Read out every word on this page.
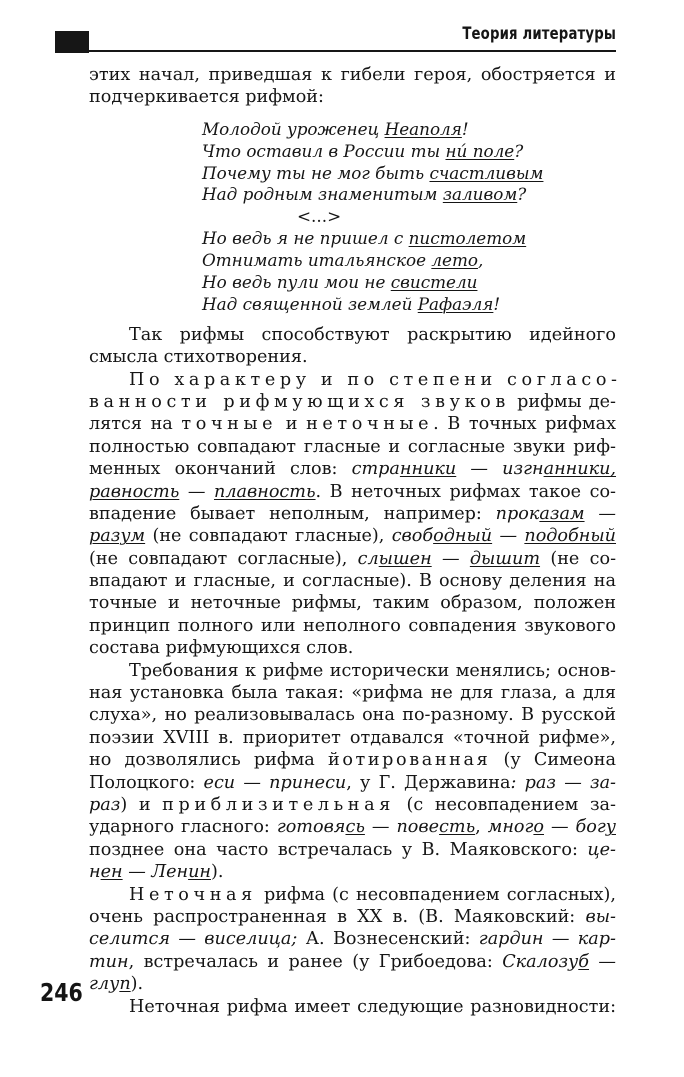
Теория литературы
этих начал, приведшая к гибели героя, обостряется и
подчеркивается рифмой:
Молодой уроженец Неаполя!
Что оставил в России ты ни́ поле?
Почему ты не мог быть счастливым
Над родным знаменитым заливом?
<...>
Но ведь я не пришел с пистолетом
Отнимать итальянское лето,
Но ведь пули мои не свистели
Над священной землей Рафаэля!
Так рифмы способствуют раскрытию идейного
смысла стихотворения.
По характеру и по степени согласо-
ванности рифмующихся звуков рифмы де-
лятся на точные и неточные. В точных рифмах
полностью совпадают гласные и согласные звуки риф-
менных окончаний слов: странники — изгнанники,
равность — плавность. В неточных рифмах такое со-
впадение бывает неполным, например: проказам —
разум (не совпадают гласные), свободный — подобный
(не совпадают согласные), слышен — дышит (не со-
впадают и гласные, и согласные). В основу деления на
точные и неточные рифмы, таким образом, положен
принцип полного или неполного совпадения звукового
состава рифмующихся слов.
Требования к рифме исторически менялись; основ-
ная установка была такая: «рифма не для глаза, а для
слуха», но реализовывалась она по-разному. В русской
поэзии XVIII в. приоритет отдавался «точной рифме»,
но дозволялись рифма йотированная (у Симеона
Полоцкого: еси — принеси, у Г. Державина: раз — за-
раз) и приблизительная (с несовпадением за-
ударного гласного: готовясь — повесть, много — богу
позднее она часто встречалась у В. Маяковского: це-
нен — Ленин).
Неточная рифма (с несовпадением согласных),
очень распространенная в XX в. (В. Маяковский: вы-
селится — виселица; А. Вознесенский: гардин — кар-
тин, встречалась и ранее (у Грибоедова: Скалозуб —
глуп).
Неточная рифма имеет следующие разновидности:
246
